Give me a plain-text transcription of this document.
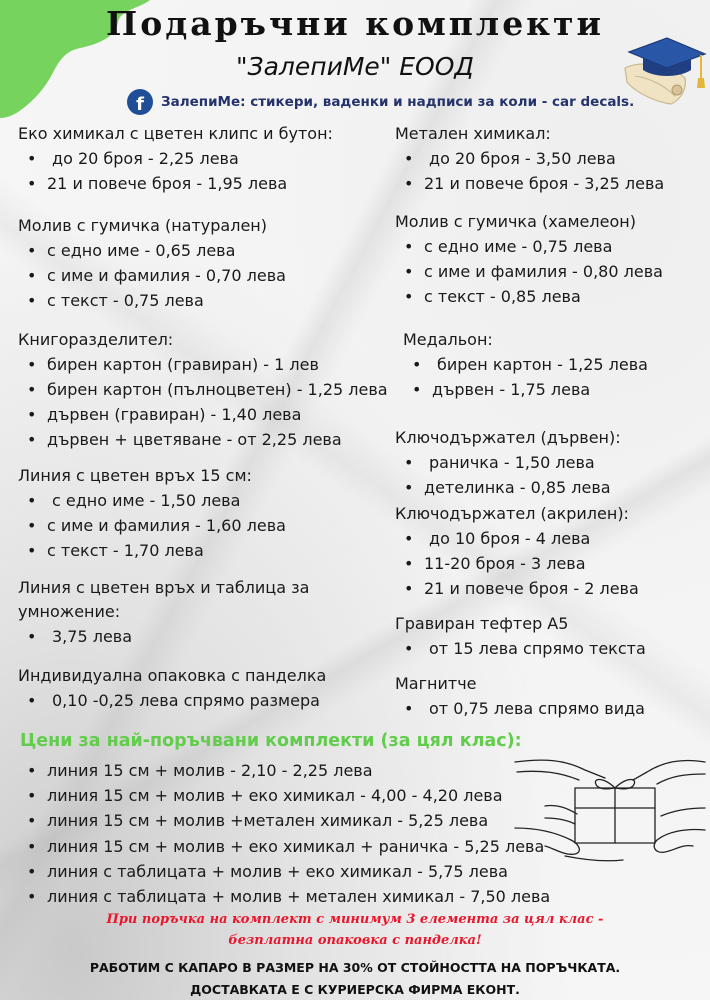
Подаръчни комплекти
"ЗалепиМе" ЕООД
f ЗалепиМе: стикери, ваденки и надписи за коли - car decals.
Еко химикал с цветен клипс и бутон:
• до 20 броя - 2,25 лева
• 21 и повече броя - 1,95 лева
Молив с гумичка (натурален)
• с едно име - 0,65 лева
• с име и фамилия - 0,70 лева
• с текст - 0,75 лева
Книгоразделител:
• бирен картон (гравиран) - 1 лев
• бирен картон (пълноцветен) - 1,25 лева
• дървен (гравиран) - 1,40 лева
• дървен + цветяване - от 2,25 лева
Линия с цветен връх 15 см:
• с едно име - 1,50 лева
• с име и фамилия - 1,60 лева
• с текст - 1,70 лева
Линия с цветен връх и таблица за умножение:
• 3,75 лева
Индивидуална опаковка с панделка
• 0,10 -0,25 лева спрямо размера
Метален химикал:
• до 20 броя - 3,50 лева
• 21 и повече броя - 3,25 лева
Молив с гумичка (хамелеон)
• с едно име - 0,75 лева
• с име и фамилия - 0,80 лева
• с текст - 0,85 лева
Медальон:
• бирен картон - 1,25 лева
• дървен - 1,75 лева
Ключодържател (дървен):
• раничка - 1,50 лева
• детелинка - 0,85 лева
Ключодържател (акрилен):
• до 10 броя - 4 лева
• 11-20 броя - 3 лева
• 21 и повече броя - 2 лева
Гравиран тефтер А5
• от 15 лева спрямо текста
Магнитче
• от 0,75 лева спрямо вида
Цени за най-поръчвани комплекти (за цял клас):
• линия 15 см + молив - 2,10 - 2,25 лева
• линия 15 см + молив + еко химикал - 4,00 - 4,20 лева
• линия 15 см + молив +метален химикал - 5,25 лева
• линия 15 см + молив + еко химикал + раничка - 5,25 лева
• линия с таблицата + молив + еко химикал - 5,75 лева
• линия с таблицата + молив + метален химикал - 7,50 лева
При поръчка на комплект с минимум 3 елемента за цял клас -
безплатна опаковка с панделка!
РАБОТИМ С КАПАРО В РАЗМЕР НА 30% ОТ СТОЙНОСТТА НА ПОРЪЧКАТА.
ДОСТАВКАТА Е С КУРИЕРСКА ФИРМА ЕКОНТ.
